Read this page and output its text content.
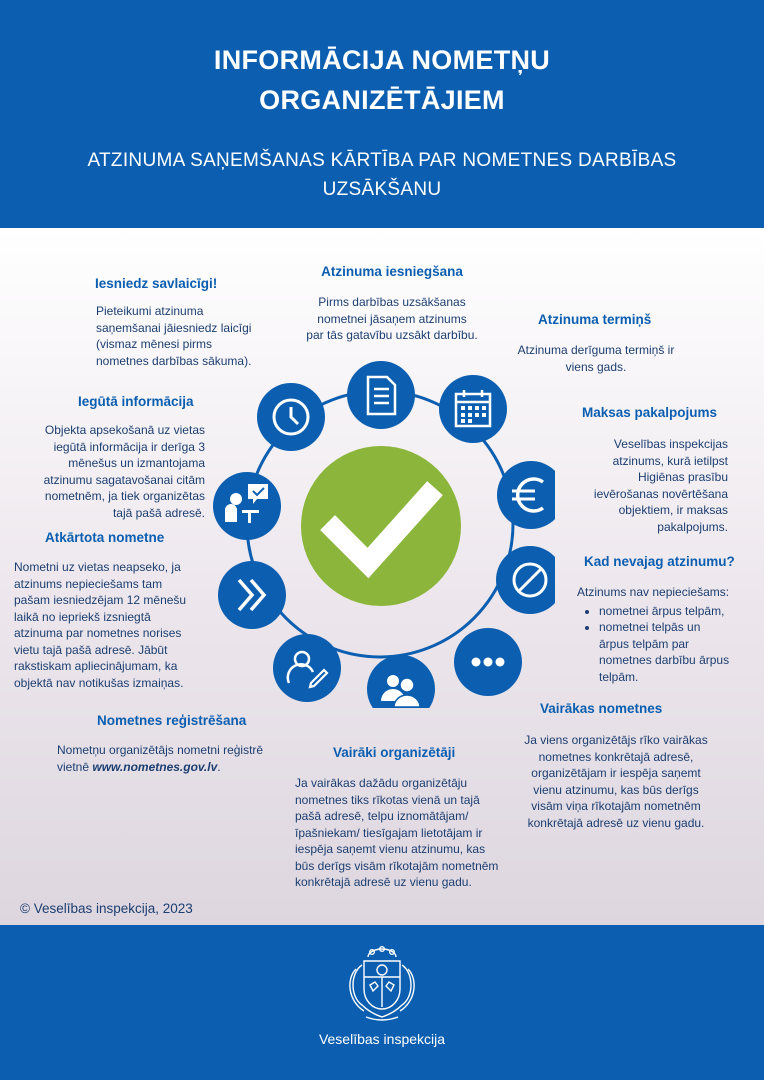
INFORMĀCIJA NOMETŅU
ORGANIZĒTĀJIEM
ATZINUMA SAŅEMŠANAS KĀRTĪBA PAR NOMETNES DARBĪBAS
UZSĀKŠANU
Iesniedz savlaicīgi!
Pieteikumi atzinuma
saņemšanai jāiesniedz laicīgi
(vismaz mēnesi pirms
nometnes darbības sākuma).
Atzinuma iesniegšana
Pirms darbības uzsākšanas
nometnei jāsaņem atzinums
par tās gatavību uzsākt darbību.
Atzinuma termiņš
Atzinuma derīguma termiņš ir
viens gads.
Iegūtā informācija
Objekta apsekošanā uz vietas
iegūtā informācija ir derīga 3
mēnešus un izmantojama
atzinumu sagatavošanai citām
nometnēm, ja tiek organizētas
tajā pašā adresē.
Maksas pakalpojums
Veselības inspekcijas
atzinums, kurā ietilpst
Higiēnas prasību
ievērošanas novērtēšana
objektiem, ir maksas
pakalpojums.
Atkārtota nometne
Nometni uz vietas neapseko, ja
atzinums nepieciešams tam
pašam iesniedzējam 12 mēnešu
laikā no iepriekš izsniegtā
atzinuma par nometnes norises
vietu tajā pašā adresē. Jābūt
rakstiskam apliecinājumam, ka
objektā nav notikušas izmaiņas.
Kad nevajag atzinumu?
Atzinums nav nepieciešams:
• nometnei ārpus telpām,
• nometnei telpās un
ārpus telpām par
nometnes darbību ārpus
telpām.
Vairākas nometnes
Ja viens organizētājs rīko vairākas
nometnes konkrētajā adresē,
organizētājam ir iespēja saņemt
vienu atzinumu, kas būs derīgs
visām viņa rīkotajām nometnēm
konkrētajā adresē uz vienu gadu.
Nometnes reģistrēšana
Nometņu organizētājs nometni reģistrē
vietnē www.nometnes.gov.lv.
Vairāki organizētāji
Ja vairākas dažādu organizētāju
nometnes tiks rīkotas vienā un tajā
pašā adresē, telpu iznomātājam/
īpašniekam/ tiesīgajam lietotājam ir
iespēja saņemt vienu atzinumu, kas
būs derīgs visām rīkotajām nometnēm
konkrētajā adresē uz vienu gadu.
© Veselības inspekcija, 2023
Veselības inspekcija
